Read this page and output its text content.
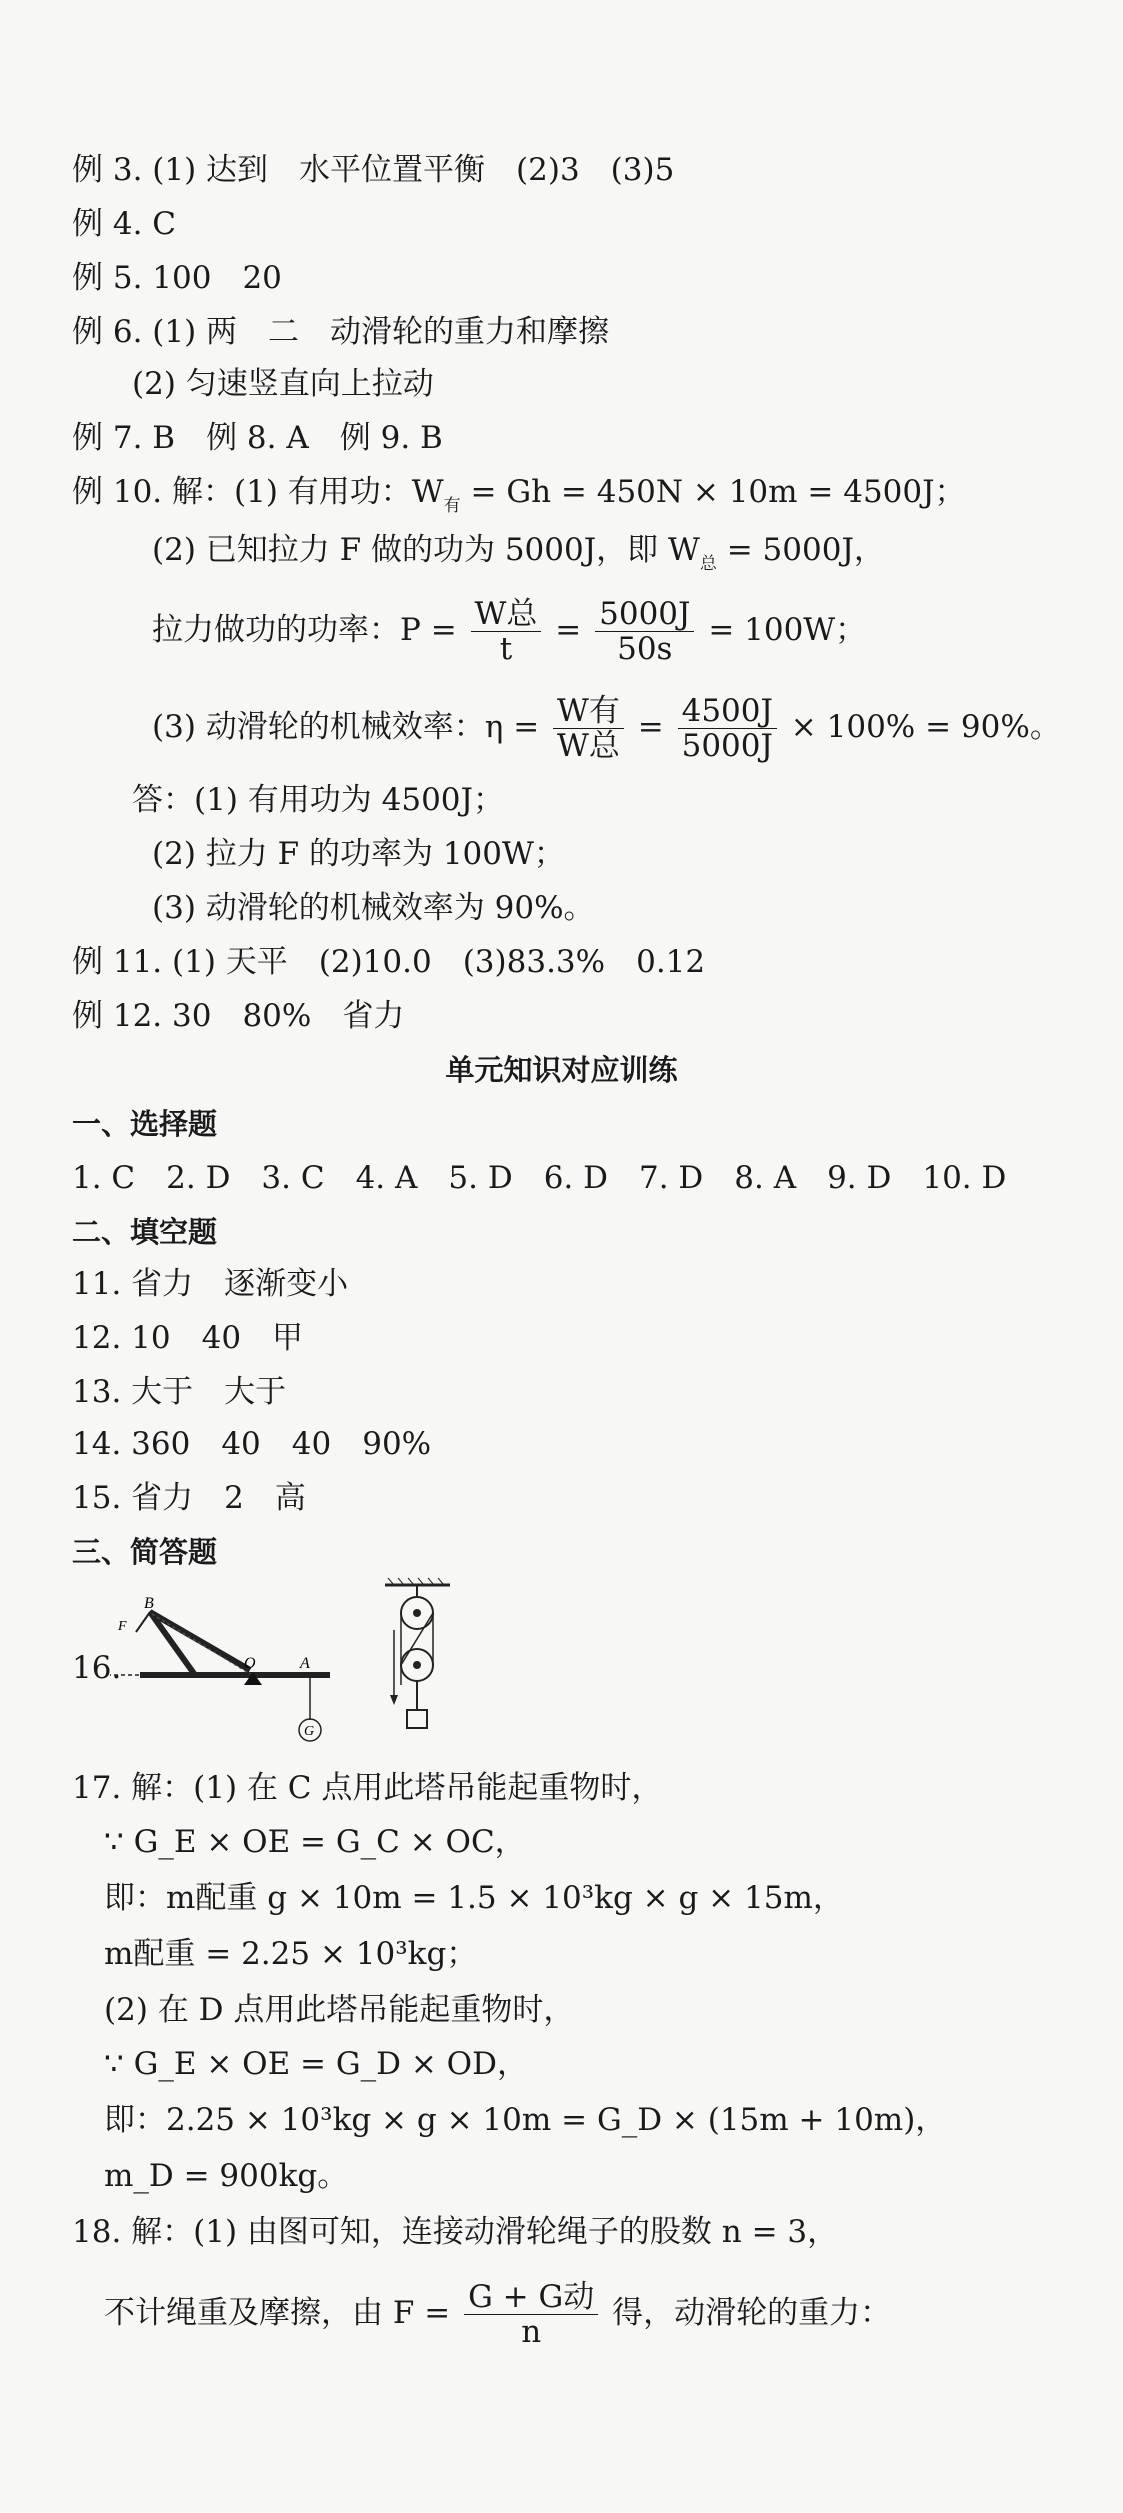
例 3. (1) 达到　水平位置平衡　(2)3　(3)5
例 4. C
例 5. 100　20
例 6. (1) 两　二　动滑轮的重力和摩擦
(2) 匀速竖直向上拉动
例 7. B　例 8. A　例 9. B
例 10. 解：(1) 有用功：$W_有 = Gh = 450N \times 10m = 4500J$；
(2) 已知拉力 F 做的功为 5000J，即 $W_总 = 5000J$，
拉力做功的功率：$P = \frac{\text{W总}}{t} = \frac{5000J}{50s} = 100W$；
(3) 动滑轮的机械效率：$\eta = \frac{\text{W有}}{\text{W总}} = \frac{4500J}{5000J} \times 100\% = 90\%$。
答：(1) 有用功为 4500J；
(2) 拉力 F 的功率为 100W；
(3) 动滑轮的机械效率为 90%。
例 11. (1) 天平　(2)10.0　(3)83.3%　0.12
例 12. 30　80%　省力
单元知识对应训练
一、选择题
1. C　2. D　3. C　4. A　5. D　6. D　7. D　8. A　9. D　10. D
二、填空题
11. 省力　逐渐变小
12. 10　40　甲
13. 大于　大于
14. 360　40　40　90%
15. 省力　2　高
三、简答题
16.
B
F
O	A
G
17. 解：(1) 在 C 点用此塔吊能起重物时，
∵ G_E × OE = G_C × OC，
即：m配重 g × 10m = 1.5 × 10³kg × g × 15m，
m配重 = 2.25 × 10³kg；
(2) 在 D 点用此塔吊能起重物时，
∵ G_E × OE = G_D × OD，
即：2.25 × 10³kg × g × 10m = G_D × (15m + 10m)，
m_D = 900kg。
18. 解：(1) 由图可知，连接动滑轮绳子的股数 n = 3，
不计绳重及摩擦，由 $F = \frac{\text{G + G动}}{n}$ 得，动滑轮的重力：
